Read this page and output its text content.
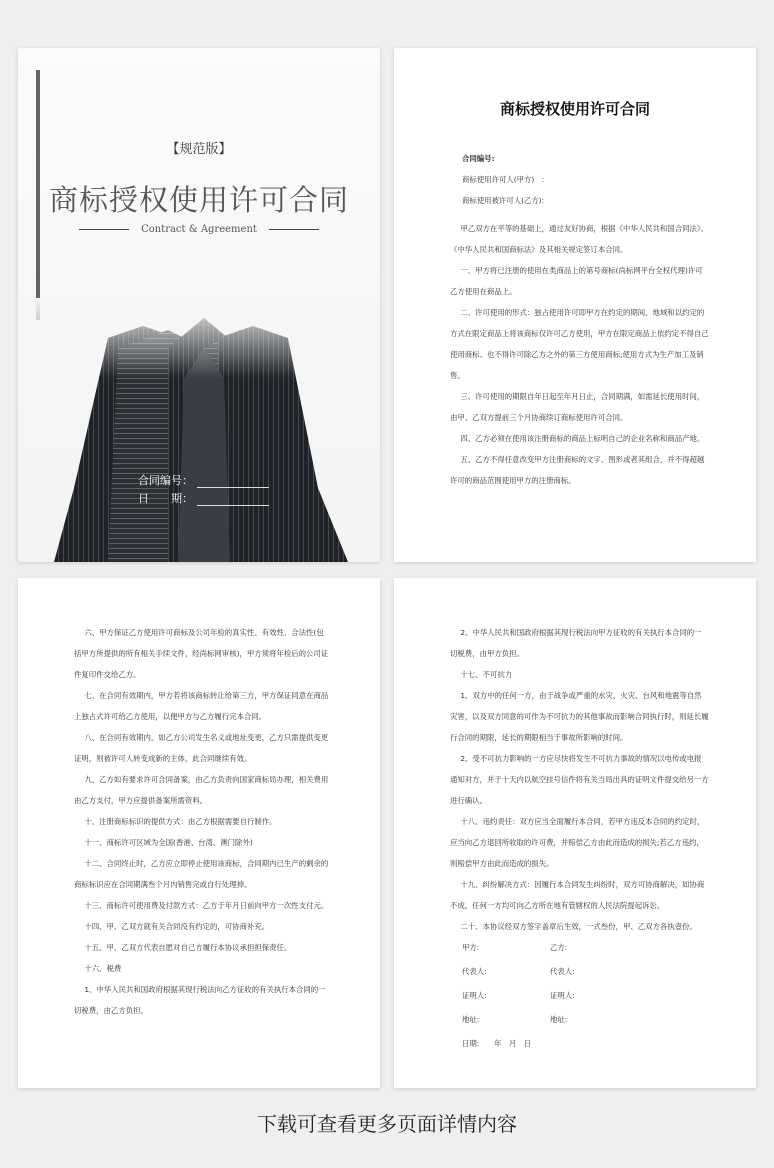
【规范版】
商标授权使用许可合同
Contract & Agreement
合同编号：
日　　期：
商标授权使用许可合同

合同编号:

商标使用许可人(甲方)　:

商标使用被许可人(乙方):

甲乙双方在平等的基础上，通过友好协商，根据《中华人民共和国合同法》、

《中华人民共和国商标法》及其相关规定签订本合同。

一、甲方将已注册的使用在类商品上的第号商标(尚标网平台全权代理)许可

乙方使用在商品上。

二、许可使用的形式：独占使用许可即甲方在约定的期间、地域和以约定的

方式在限定商品上将该商标仅许可乙方使用，甲方在限定商品上依约定不得自己

使用商标、也不得许可除乙方之外的第三方使用商标;使用方式为生产加工及销

售。

三、许可使用的期限自年日起至年月日止，合同期满，如需延长使用时间，

由甲、乙双方提前三个月协商续订商标使用许可合同。

四、乙方必须在使用该注册商标的商品上标明自己的企业名称和商品产地。

五、乙方不得任意改变甲方注册商标的文字、图形或者其组合，并不得超越

许可的商品范围使用甲方的注册商标。

六、甲方保证乙方使用许可商标及公司年检的真实性、有效性、合法性(包

括甲方所提供的所有相关手续文件，经尚标网审核)，甲方须将年检后的公司证

件复印件交给乙方。

七、在合同有效期内，甲方若将该商标转让给第三方，甲方保证同意在商品

上独占式许可给乙方使用，以便甲方与乙方履行完本合同。

八、在合同有效期内，如乙方公司发生名义或地址变更，乙方只需提供变更

证明，则被许可人转变成新的主体，此合同继续有效。

九、乙方如有要求许可合同备案，由乙方负责向国家商标局办理，相关费用

由乙方支付，甲方应提供备案所需资料。

十、注册商标标识的提供方式：由乙方根据需要自行制作。

十一、商标许可区域为全国(香港、台湾、澳门除外)

十二、合同终止时，乙方应立即停止使用该商标，合同期内已生产的剩余的

商标标识应在合同期满叁个月内销售完或自行处理掉。

十三、商标许可使用费及付款方式：乙方于年月日前向甲方一次性支付元。

十四、甲、乙双方就有关合同没有约定的，可协商补充。

十五、甲、乙双方代表自愿对自己方履行本协议承担担保责任。

十六、税费

1、中华人民共和国政府根据其现行税法向乙方征收的有关执行本合同的一

切税费，由乙方负担。

2、中华人民共和国政府根据其现行税法向甲方征收的有关执行本合同的一

切税费，由甲方负担。

十七、不可抗力

1、双方中的任何一方，由于战争或严重的水灾、火灾、台风和地震等自然

灾害，以及双方同意的可作为不可抗力的其他事故而影响合同执行时，则延长履

行合同的期限，延长的期限相当于事故所影响的时间。

2、受不可抗力影响的一方应尽快将发生不可抗力事故的情况以电传或电报

通知对方，并于十天内以航空挂号信件将有关当局出具的证明文件提交给另一方

进行确认。

十八、违约责任：双方应当全面履行本合同，若甲方违反本合同的约定时，

应当向乙方退回所收取的许可费，并赔偿乙方由此而造成的损失;若乙方违约，

则赔偿甲方由此而造成的损失。

十九、纠纷解决方式：因履行本合同发生纠纷时，双方可协商解决，如协商

不成，任何一方均可向乙方所在地有管辖权的人民法院提起诉讼。

二十、本协议经双方签字盖章后生效，一式叁份，甲、乙双方各执壹份。

甲方:	乙方:
代表人:	代表人:
证明人:	证明人:
地址:	地址:
日期:　　年　月　日
下载可查看更多页面详情内容
